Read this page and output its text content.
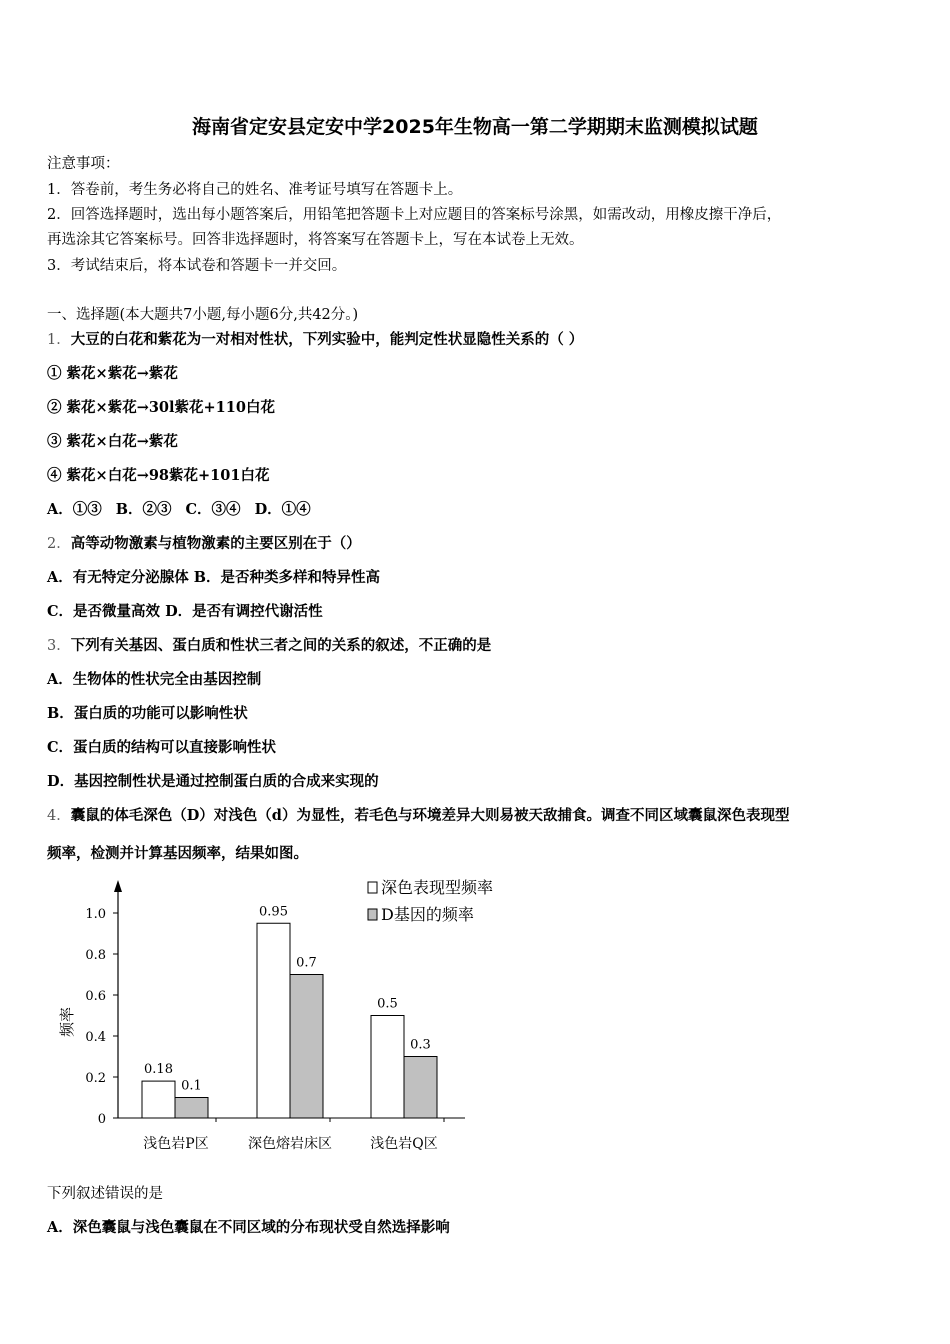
海南省定安县定安中学2025年生物高一第二学期期末监测模拟试题
注意事项：
1．答卷前，考生务必将自己的姓名、准考证号填写在答题卡上。
2．回答选择题时，选出每小题答案后，用铅笔把答题卡上对应题目的答案标号涂黑，如需改动，用橡皮擦干净后，
再选涂其它答案标号。回答非选择题时，将答案写在答题卡上，写在本试卷上无效。
3．考试结束后，将本试卷和答题卡一并交回。
一、选择题(本大题共7小题,每小题6分,共42分。)
1．大豆的白花和紫花为一对相对性状，下列实验中，能判定性状显隐性关系的（ ）
① 紫花×紫花→紫花
② 紫花×紫花→30l紫花+110白花
③ 紫花×白花→紫花
④ 紫花×白花→98紫花+101白花
A．①③ B．②③ C．③④ D．①④
2．高等动物激素与植物激素的主要区别在于（）
A．有无特定分泌腺体 B．是否种类多样和特异性高
C．是否微量高效 D．是否有调控代谢活性
3．下列有关基因、蛋白质和性状三者之间的关系的叙述，不正确的是
A．生物体的性状完全由基因控制
B．蛋白质的功能可以影响性状
C．蛋白质的结构可以直接影响性状
D．基因控制性状是通过控制蛋白质的合成来实现的
4．囊鼠的体毛深色（D）对浅色（d）为显性，若毛色与环境差异大则易被天敌捕食。调查不同区域囊鼠深色表现型
频率，检测并计算基因频率，结果如图。
0
0.2
0.4
0.6
0.8
1.0
频率
0.18
0.1
浅色岩P区
0.95
0.7
深色熔岩床区
0.5
0.3
浅色岩Q区
深色表现型频率
D基因的频率
下列叙述错误的是
A．深色囊鼠与浅色囊鼠在不同区域的分布现状受自然选择影响
